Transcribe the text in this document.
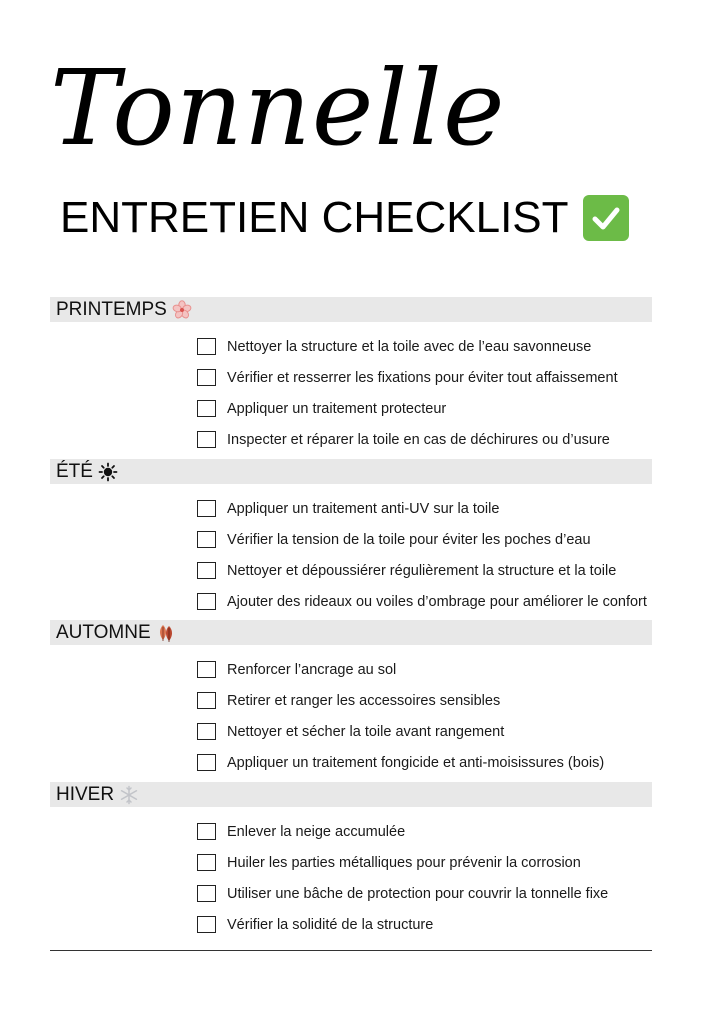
Tonnelle
ENTRETIEN CHECKLIST
PRINTEMPS
Nettoyer la structure et la toile avec de l’eau savonneuse
Vérifier et resserrer les fixations pour éviter tout affaissement
Appliquer un traitement protecteur
Inspecter et réparer la toile en cas de déchirures ou d’usure
ÉTÉ
Appliquer un traitement anti-UV sur la toile
Vérifier la tension de la toile pour éviter les poches d’eau
Nettoyer et dépoussiérer régulièrement la structure et la toile
Ajouter des rideaux ou voiles d’ombrage pour améliorer le confort
AUTOMNE
Renforcer l’ancrage au sol
Retirer et ranger les accessoires sensibles
Nettoyer et sécher la toile avant rangement
Appliquer un traitement fongicide et anti-moisissures (bois)
HIVER
Enlever la neige accumulée
Huiler les parties métalliques pour prévenir la corrosion
Utiliser une bâche de protection pour couvrir la tonnelle fixe
Vérifier la solidité de la structure
